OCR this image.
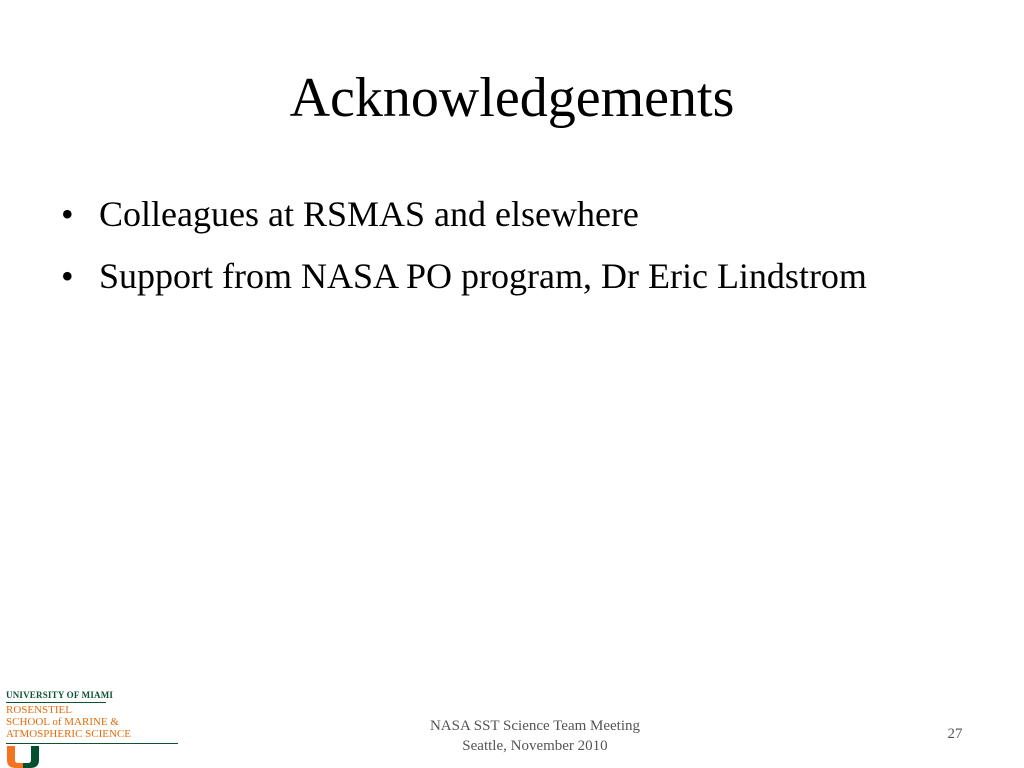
Acknowledgements
• Colleagues at RSMAS and elsewhere
• Support from NASA PO program, Dr Eric Lindstrom
UNIVERSITY OF MIAMI
ROSENSTIEL
SCHOOL of MARINE &
ATMOSPHERIC SCIENCE	NASA SST Science Team Meeting
Seattle, November 2010
27
